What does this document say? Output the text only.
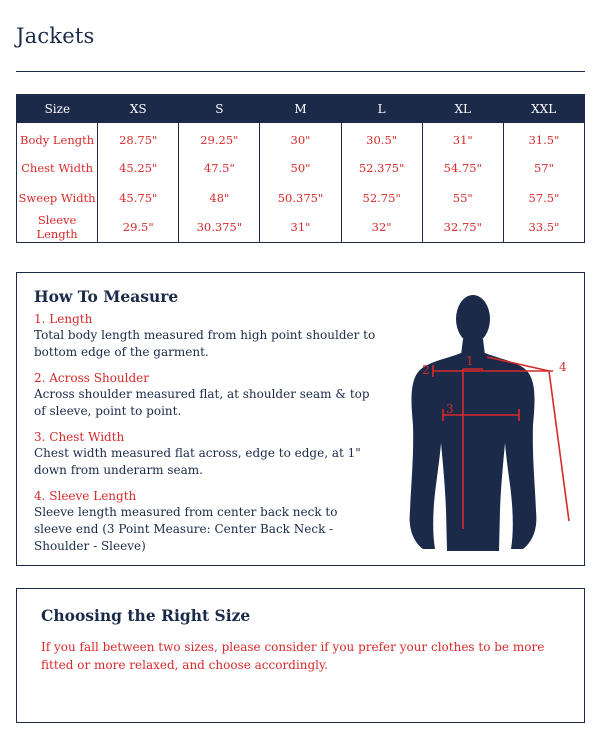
Jackets
Size	XS	S	M	L	XL	XXL
Body Length	28.75"	29.25"	30"	30.5"	31"	31.5"
Chest Width	45.25"	47.5"	50"	52.375"	54.75"	57"
Sweep Width	45.75"	48"	50.375"	52.75"	55"	57.5"
Sleeve Length	29.5"	30.375"	31"	32"	32.75"	33.5"
How To Measure
1. Length
Total body length measured from high point shoulder to bottom edge of the garment.
2. Across Shoulder
Across shoulder measured flat, at shoulder seam & top of sleeve, point to point.
3. Chest Width
Chest width measured flat across, edge to edge, at 1" down from underarm seam.
4. Sleeve Length
Sleeve length measured from center back neck to sleeve end (3 Point Measure: Center Back Neck - Shoulder - Sleeve)
1
2
3
4
Choosing the Right Size

If you fall between two sizes, please consider if you prefer your clothes to be more fitted or more relaxed, and choose accordingly.
